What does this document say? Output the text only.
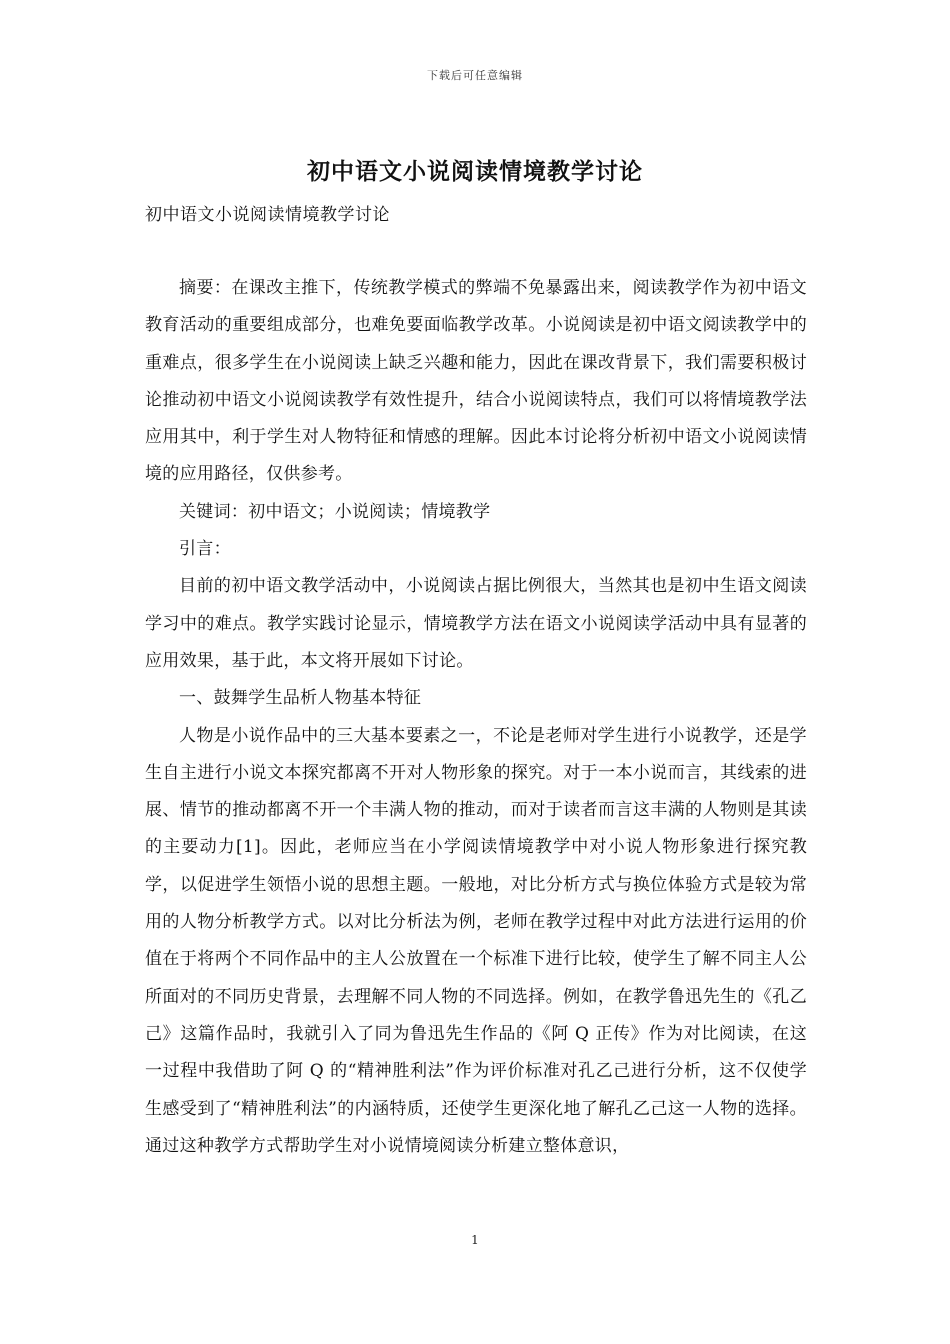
下载后可任意编辑
初中语文小说阅读情境教学讨论
初中语文小说阅读情境教学讨论

摘要：在课改主推下，传统教学模式的弊端不免暴露出来，阅读教学作为初中语文教育活动的重要组成部分，也难免要面临教学改革。小说阅读是初中语文阅读教学中的重难点，很多学生在小说阅读上缺乏兴趣和能力，因此在课改背景下，我们需要积极讨论推动初中语文小说阅读教学有效性提升，结合小说阅读特点，我们可以将情境教学法应用其中，利于学生对人物特征和情感的理解。因此本讨论将分析初中语文小说阅读情境的应用路径，仅供参考。

关键词：初中语文；小说阅读；情境教学

引言：

目前的初中语文教学活动中，小说阅读占据比例很大，当然其也是初中生语文阅读学习中的难点。教学实践讨论显示，情境教学方法在语文小说阅读学活动中具有显著的应用效果，基于此，本文将开展如下讨论。

一、鼓舞学生品析人物基本特征

人物是小说作品中的三大基本要素之一，不论是老师对学生进行小说教学，还是学生自主进行小说文本探究都离不开对人物形象的探究。对于一本小说而言，其线索的进展、情节的推动都离不开一个丰满人物的推动，而对于读者而言这丰满的人物则是其读的主要动力[1]。因此，老师应当在小学阅读情境教学中对小说人物形象进行探究教学，以促进学生领悟小说的思想主题。一般地，对比分析方式与换位体验方式是较为常用的人物分析教学方式。以对比分析法为例，老师在教学过程中对此方法进行运用的价值在于将两个不同作品中的主人公放置在一个标准下进行比较，使学生了解不同主人公所面对的不同历史背景，去理解不同人物的不同选择。例如，在教学鲁迅先生的《孔乙己》这篇作品时，我就引入了同为鲁迅先生作品的《阿 Q 正传》作为对比阅读，在这一过程中我借助了阿 Q 的“精神胜利法”作为评价标准对孔乙己进行分析，这不仅使学生感受到了“精神胜利法”的内涵特质，还使学生更深化地了解孔乙己这一人物的选择。通过这种教学方式帮助学生对小说情境阅读分析建立整体意识，

1
